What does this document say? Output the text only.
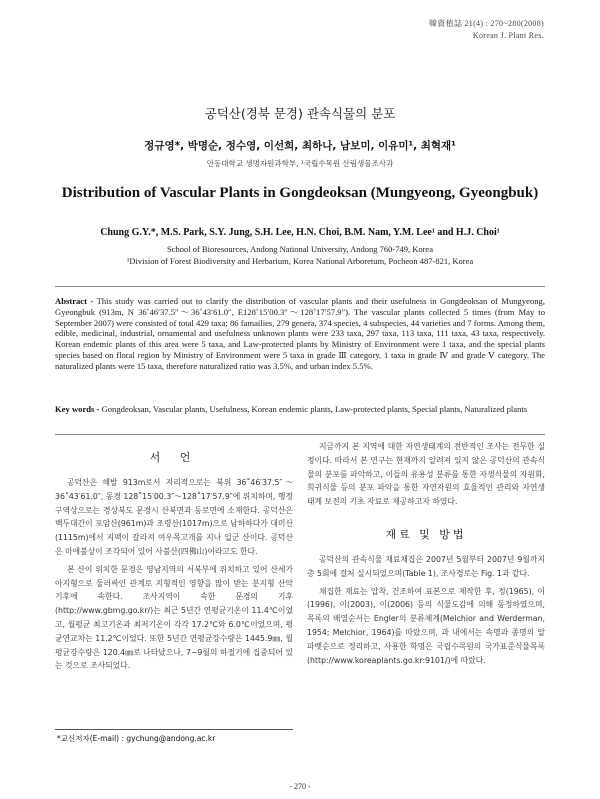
韓資植誌 21(4) : 270~280(2008)
Korean J. Plant Res.
공덕산(경북 문경) 관속식물의 분포
정규영*, 박명순, 정수영, 이선희, 최하나, 남보미, 이유미¹, 최혁재¹
안동대학교 생명자원과학부, ¹국립수목원 산림생물조사과
Distribution of Vascular Plants in Gongdeoksan (Mungyeong, Gyeongbuk)
Chung G.Y.*, M.S. Park, S.Y. Jung, S.H. Lee, H.N. Choi, B.M. Nam, Y.M. Lee¹ and H.J. Choi¹
School of Bioresources, Andong National University, Andong 760-749, Korea
¹Division of Forest Biodiversity and Herbarium, Korea National Arboretum, Pocheon 487-821, Korea

Abstract - This study was carried out to clarify the distribution of vascular plants and their usefulness in Gongdeoksan of Mungyeong, Gyeongbuk (913m, N 36˚46′37.5″～36˚43′61.0″, E128˚15′00.3″～128˚17′57.9″). The vascular plants collected 5 times (from May to September 2007) were consisted of total 429 taxa; 86 famailies, 279 genera, 374 species, 4 subspecies, 44 varieties and 7 forms. Among them, edible, medicinal, industrial, ornamental and usefulness unknown plants were 233 taxa, 297 taxa, 113 taxa, 111 taxa, 43 taxa, respectively. Korean endemic plants of this area were 5 taxa, and Law-protected plants by Ministry of Environment were 1 taxa, and the special plants species based on floral region by Ministry of Environment were 5 taxa in grade Ⅲ category, 1 taxa in grade Ⅳ and grade Ⅴ category. The naturalized plants were 15 taxa, therefore naturalized ratio was 3.5%, and urban index 5.5%.

Key words - Gongdeoksan, Vascular plants, Usefulness, Korean endemic plants, Law-protected plants, Special plants, Naturalized plants

서 언

공덕산은 해발 913m로서 지리적으로는 북위 36˚46′37.5″～36˚43′61.0″, 동경 128˚15′00.3″～128˚17′57.9″에 위치하며, 행정구역상으로는 경상북도 문경시 산북면과 동로면에 소재한다. 공덕산은 백두대간이 포암산(961m)과 조령산(1017m)으로 남하하다가 대미산(1115m)에서 지맥이 갈라져 여우목고개를 지나 일군 산이다. 공덕산은 마애불상이 조각되어 있어 사불산(四佛山)이라고도 한다.

본 산이 위치한 문경은 영남지역의 서북부에 위치하고 있어 산세가 아지형으로 둘러싸인 관계로 지형적인 영향을 많이 받는 분지형 산악기후에 속한다. 조사지역이 속한 문경의 기후(http://www.gbmg.go.kr/)는 최근 5년간 연평균기온이 11.4℃이었고, 월평균 최고기온과 최저기온이 각각 17.2℃와 6.0℃이었으며, 평균연교차는 11.2℃이었다. 또한 5년간 연평균강수량은 1445.9㎜, 월평균강수량은 120.4㎜로 나타났으나, 7~9월의 하절기에 집중되어 있는 것으로 조사되었다.

지금까지 본 지역에 대한 자연생태계의 전반적인 조사는 전무한 실정이다. 따라서 본 연구는 현재까지 알려져 있지 않은 공덕산의 관속식물의 분포를 파악하고, 이들의 유용성 분류를 통한 자생식물의 자원화, 희귀식물 등의 분포 파악을 통한 자연자원의 효율적인 관리와 자연생태계 보전의 기초 자료로 제공하고자 하였다.

재료 및 방법

공덕산의 관속식물 재료채집은 2007년 5월부터 2007년 9월까지 총 5회에 걸쳐 실시되었으며(Table 1), 조사경로는 Fig. 1과 같다.

채집한 재료는 압착, 건조하여 표본으로 제작한 후, 정(1965), 이(1996), 이(2003), 이(2006) 등의 식물도감에 의해 동정하였으며, 목록의 배열순서는 Engler의 분류체계(Melchior and Werderman, 1954; Melchior, 1964)를 따랐으며, 과 내에서는 속명과 종명의 알파벳순으로 정리하고, 사용한 학명은 국립수목원의 국가표준식물목록(http://www.koreaplants.go.kr:9101/)에 따랐다.

*교신저자(E-mail) : gychung@andong.ac.kr
- 270 -
